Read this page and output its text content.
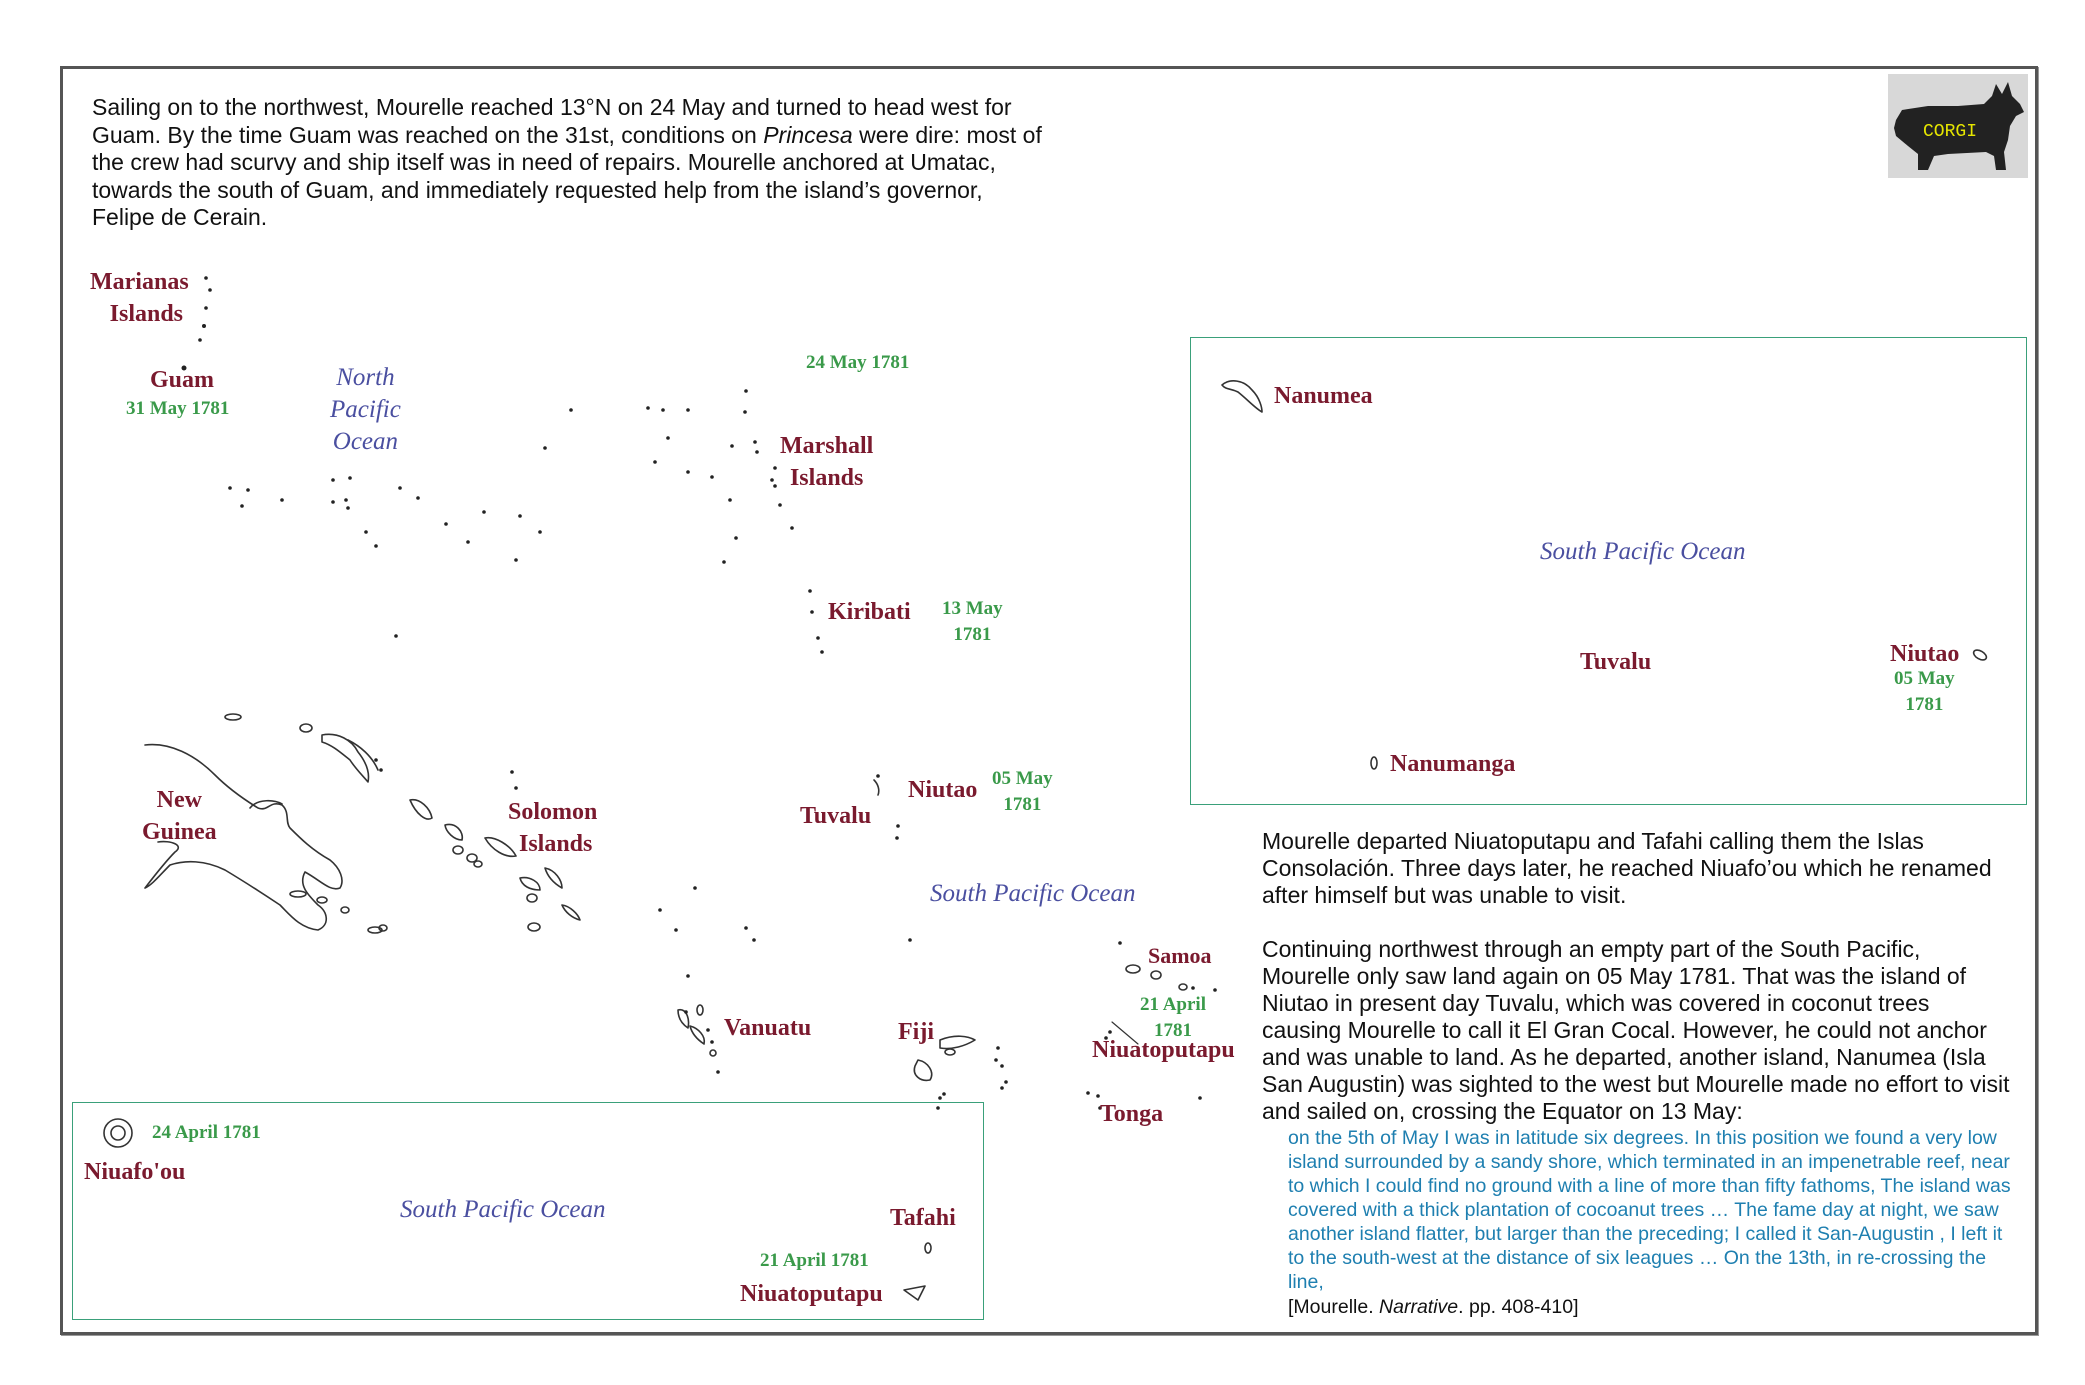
Sailing on to the northwest, Mourelle reached 13°N on 24 May and turned to head west for Guam. By the time Guam was reached on the 31st, conditions on Princesa were dire: most of the crew had scurvy and ship itself was in need of repairs. Mourelle anchored at Umatac, towards the south of Guam, and immediately requested help from the island’s governor, Felipe de Cerain.
CORGI
Marianas
Islands
Guam
31 May 1781
North
Pacific
Ocean
24 May 1781
Marshall
Islands
Kiribati 13 May
1781
New
Guinea
Solomon
Islands
Tuvalu
Niutao 05 May
1781
South Pacific Ocean
Samoa
21 April
1781
Niuatoputapu
Tonga
Vanuatu	Fiji
Nanumea
South Pacific Ocean
Tuvalu	Niutao
05 May
1781
Nanumanga
24 April 1781
Niuafo'ou
South Pacific Ocean	Tafahi
21 April 1781
Niuatoputapu

Mourelle departed Niuatoputapu and Tafahi calling them the Islas Consolación. Three days later, he reached Niuafo’ou which he renamed after himself but was unable to visit.

Continuing northwest through an empty part of the South Pacific, Mourelle only saw land again on 05 May 1781. That was the island of Niutao in present day Tuvalu, which was covered in coconut trees causing Mourelle to call it El Gran Cocal. However, he could not anchor and was unable to land. As he departed, another island, Nanumea (Isla San Augustin) was sighted to the west but Mourelle made no effort to visit and sailed on, crossing the Equator on 13 May:

on the 5th of May I was in latitude six degrees. In this position we found a very low island surrounded by a sandy shore, which terminated in an impenetrable reef, near to which I could find no ground with a line of more than fifty fathoms, The island was covered with a thick plantation of cocoanut trees … The fame day at night, we saw another island flatter, but larger than the preceding; I called it San-Augustin , I left it to the south-west at the distance of six leagues … On the 13th, in re-crossing the line,
[Mourelle. Narrative. pp. 408-410]
